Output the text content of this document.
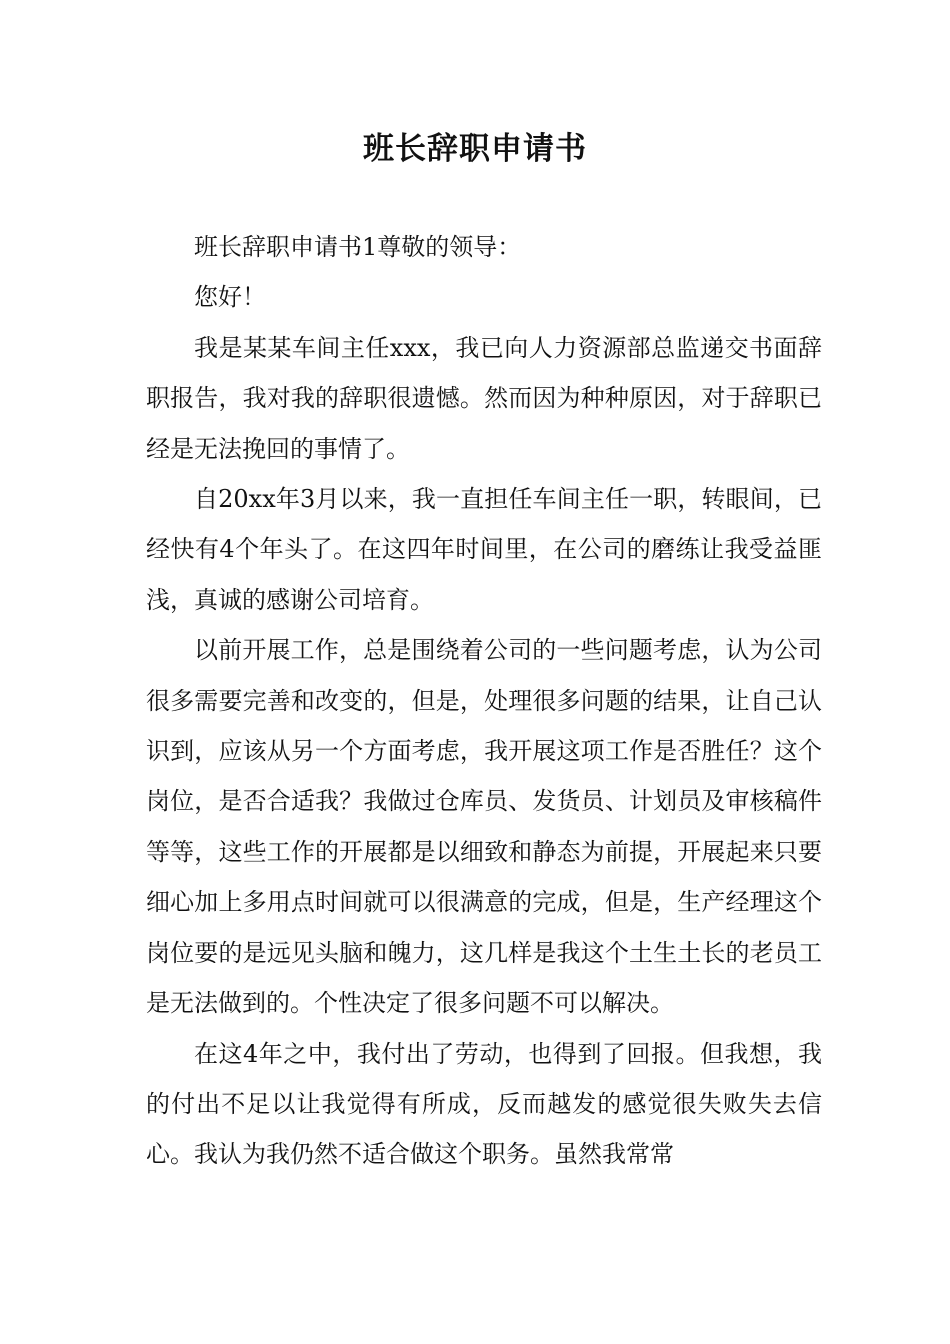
班长辞职申请书

班长辞职申请书1尊敬的领导：

您好！

我是某某车间主任xxx，我已向人力资源部总监递交书面辞职报告，我对我的辞职很遗憾。然而因为种种原因，对于辞职已经是无法挽回的事情了。

自20xx年3月以来，我一直担任车间主任一职，转眼间，已经快有4个年头了。在这四年时间里，在公司的磨练让我受益匪浅，真诚的感谢公司培育。

以前开展工作，总是围绕着公司的一些问题考虑，认为公司很多需要完善和改变的，但是，处理很多问题的结果，让自己认识到，应该从另一个方面考虑，我开展这项工作是否胜任？这个岗位，是否合适我？我做过仓库员、发货员、计划员及审核稿件等等，这些工作的开展都是以细致和静态为前提，开展起来只要细心加上多用点时间就可以很满意的完成，但是，生产经理这个岗位要的是远见头脑和魄力，这几样是我这个土生土长的老员工是无法做到的。个性决定了很多问题不可以解决。

在这4年之中，我付出了劳动，也得到了回报。但我想，我的付出不足以让我觉得有所成，反而越发的感觉很失败失去信心。我认为我仍然不适合做这个职务。虽然我常常
